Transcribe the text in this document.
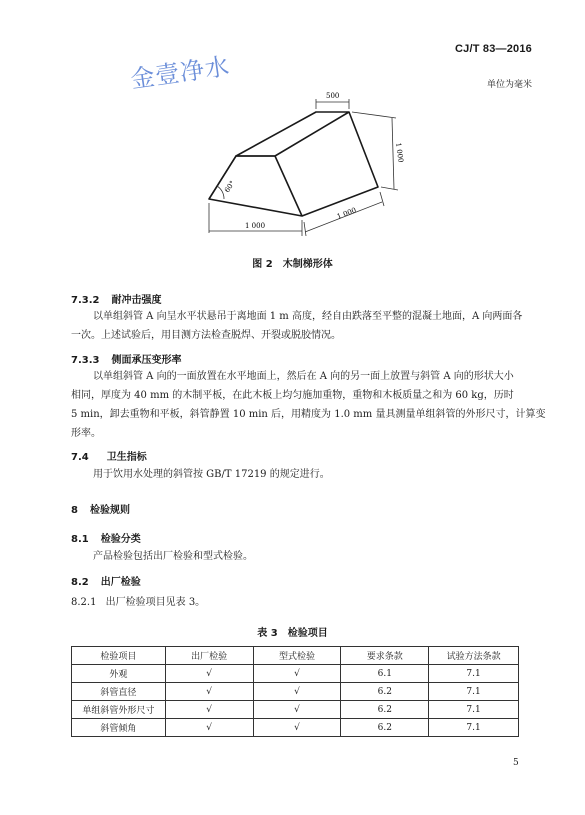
CJ/T 83—2016
单位为毫米
金壹净水
500
1 000
1 000
1 000
60°
图 2　木制梯形体
7.3.2 耐冲击强度
以单组斜管 A 向呈水平状悬吊于离地面 1 m 高度，经自由跌落至平整的混凝土地面，A 向两面各
一次。上述试验后，用目测方法检查脱焊、开裂或脱胶情况。
7.3.3 侧面承压变形率
以单组斜管 A 向的一面放置在水平地面上，然后在 A 向的另一面上放置与斜管 A 向的形状大小
相同，厚度为 40 mm 的木制平板，在此木板上均匀施加重物，重物和木板质量之和为 60 kg，历时
5 min，卸去重物和平板，斜管静置 10 min 后，用精度为 1.0 mm 量具测量单组斜管的外形尺寸，计算变
形率。
7.4 卫生指标
用于饮用水处理的斜管按 GB/T 17219 的规定进行。
8 检验规则
8.1 检验分类
产品检验包括出厂检验和型式检验。
8.2 出厂检验
8.2.1 出厂检验项目见表 3。
表 3　检验项目
检验项目	出厂检验	型式检验	要求条款	试验方法条款
外观	√	√	6.1	7.1
斜管直径	√	√	6.2	7.1
单组斜管外形尺寸	√	√	6.2	7.1
斜管倾角	√	√	6.2	7.1
5
